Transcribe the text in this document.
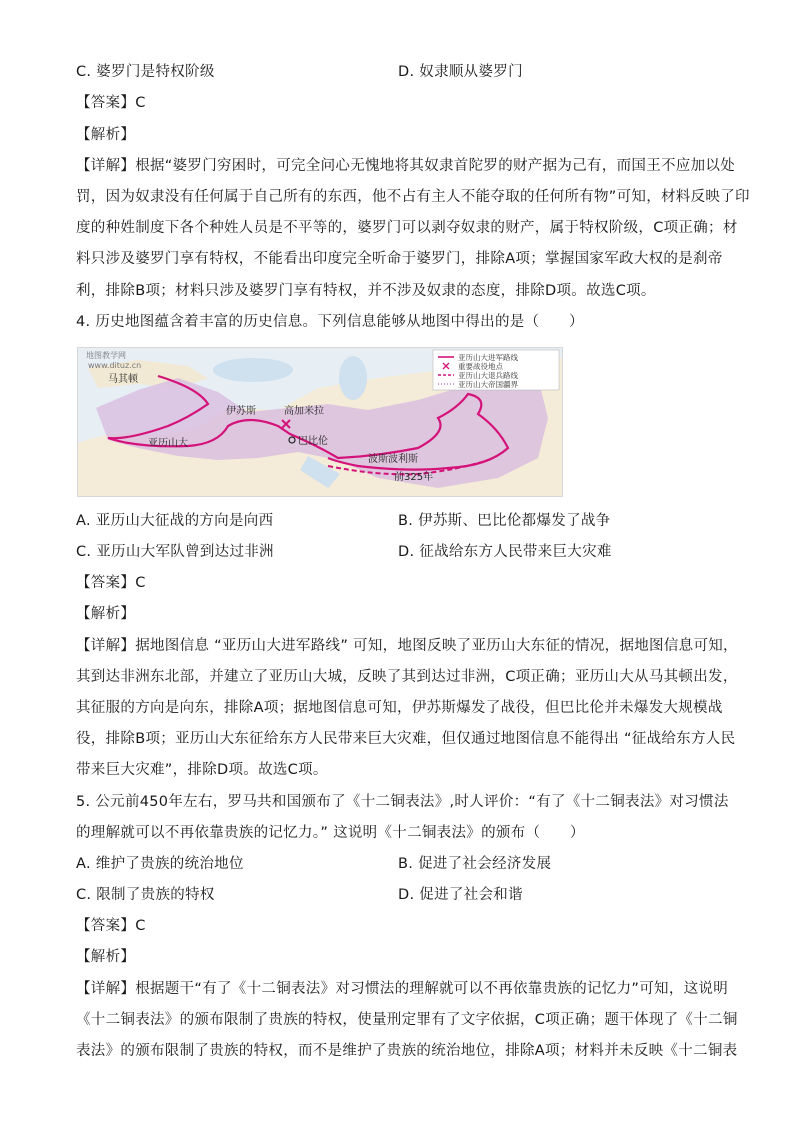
C. 婆罗门是特权阶级	D. 奴隶顺从婆罗门
【答案】C
【解析】
【详解】根据“婆罗门穷困时，可完全问心无愧地将其奴隶首陀罗的财产据为己有，而国王不应加以处
罚，因为奴隶没有任何属于自己所有的东西，他不占有主人不能夺取的任何所有物”可知，材料反映了印
度的种姓制度下各个种姓人员是不平等的，婆罗门可以剥夺奴隶的财产，属于特权阶级，C项正确；材
料只涉及婆罗门享有特权，不能看出印度完全听命于婆罗门，排除A项；掌握国家军政大权的是刹帝
利，排除B项；材料只涉及婆罗门享有特权，并不涉及奴隶的态度，排除D项。故选C项。
4. 历史地图蕴含着丰富的历史信息。下列信息能够从地图中得出的是（　　）
地图教学网
www.dituz.cn
马其顿
伊苏斯	高加米拉
巴比伦
亚历山大
波斯波利斯
前325年
亚历山大进军路线
重要战役地点
亚历山大退兵路线
亚历山大帝国疆界
A. 亚历山大征战的方向是向西	B. 伊苏斯、巴比伦都爆发了战争
C. 亚历山大军队曾到达过非洲	D. 征战给东方人民带来巨大灾难
【答案】C
【解析】
【详解】据地图信息 “亚历山大进军路线” 可知，地图反映了亚历山大东征的情况，据地图信息可知，
其到达非洲东北部，并建立了亚历山大城，反映了其到达过非洲，C项正确；亚历山大从马其顿出发，
其征服的方向是向东，排除A项；据地图信息可知，伊苏斯爆发了战役，但巴比伦并未爆发大规模战
役，排除B项；亚历山大东征给东方人民带来巨大灾难，但仅通过地图信息不能得出 “征战给东方人民
带来巨大灾难”，排除D项。故选C项。
5. 公元前450年左右，罗马共和国颁布了《十二铜表法》,时人评价：“有了《十二铜表法》对习惯法
的理解就可以不再依靠贵族的记忆力。” 这说明《十二铜表法》的颁布（　　）
A. 维护了贵族的统治地位	B. 促进了社会经济发展
C. 限制了贵族的特权	D. 促进了社会和谐
【答案】C
【解析】
【详解】根据题干“有了《十二铜表法》对习惯法的理解就可以不再依靠贵族的记忆力”可知，这说明
《十二铜表法》的颁布限制了贵族的特权，使量刑定罪有了文字依据，C项正确；题干体现了《十二铜
表法》的颁布限制了贵族的特权，而不是维护了贵族的统治地位，排除A项；材料并未反映《十二铜表
